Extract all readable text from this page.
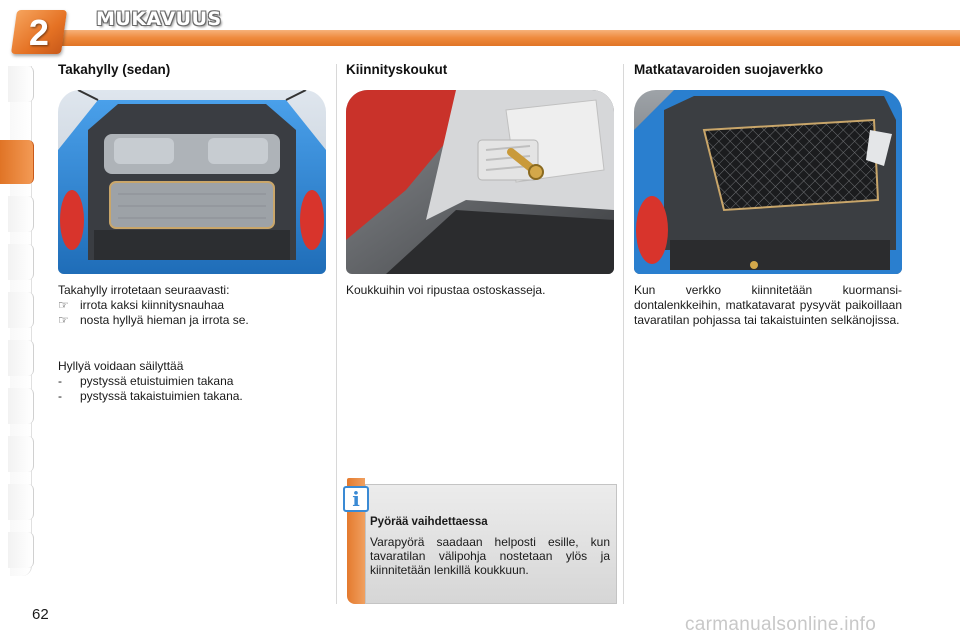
2	MUKAVUUS
Takahylly (sedan)
Takahylly irrotetaan seuraavasti:
☞ irrota kaksi kiinnitysnauhaa
☞ nosta hyllyä hieman ja irrota se.
Hyllyä voidaan säilyttää
-	pystyssä etuistuimien takana
-	pystyssä takaistuimien takana.
Kiinnityskoukut
Koukkuihin voi ripustaa ostoskasseja.
Matkatavaroiden suojaverkko
Kun verkko kiinnitetään kuormansidontalenkkeihin, matkatavarat pysyvät paikoillaan tavaratilan pohjassa tai takaistuinten selkänojissa.
i
Pyörää vaihdettaessa
Varapyörä saadaan helposti esille, kun tavaratilan välipohja nostetaan ylös ja kiinnitetään lenkillä koukkuun.
62	carmanualsonline.info
